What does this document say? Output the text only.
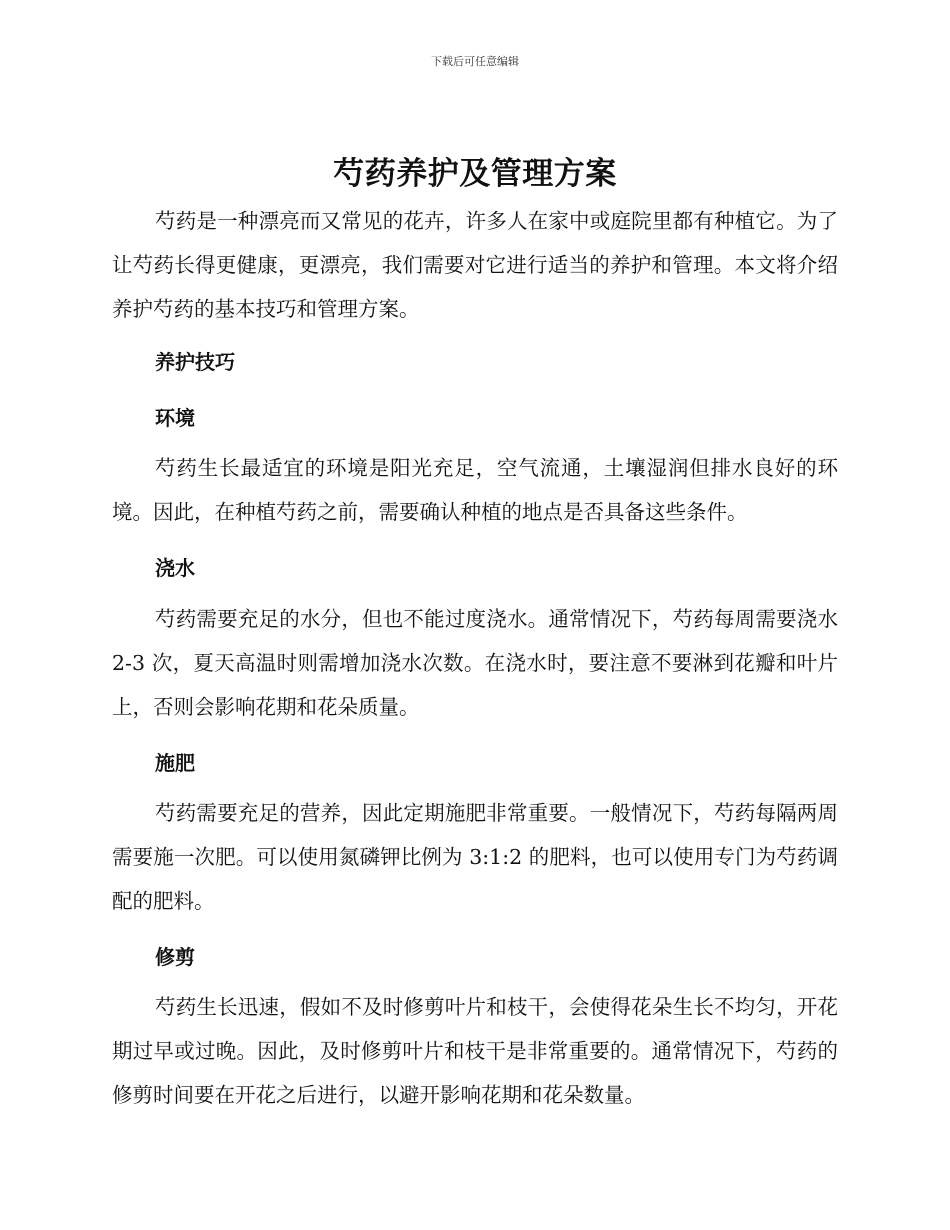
下载后可任意编辑
芍药养护及管理方案

芍药是一种漂亮而又常见的花卉，许多人在家中或庭院里都有种植它。为了让芍药长得更健康，更漂亮，我们需要对它进行适当的养护和管理。本文将介绍养护芍药的基本技巧和管理方案。

养护技巧
环境

芍药生长最适宜的环境是阳光充足，空气流通，土壤湿润但排水良好的环境。因此，在种植芍药之前，需要确认种植的地点是否具备这些条件。

浇水

芍药需要充足的水分，但也不能过度浇水。通常情况下，芍药每周需要浇水 2-3 次，夏天高温时则需增加浇水次数。在浇水时，要注意不要淋到花瓣和叶片上，否则会影响花期和花朵质量。

施肥

芍药需要充足的营养，因此定期施肥非常重要。一般情况下，芍药每隔两周需要施一次肥。可以使用氮磷钾比例为 3:1:2 的肥料，也可以使用专门为芍药调配的肥料。

修剪

芍药生长迅速，假如不及时修剪叶片和枝干，会使得花朵生长不均匀，开花期过早或过晚。因此，及时修剪叶片和枝干是非常重要的。通常情况下，芍药的修剪时间要在开花之后进行，以避开影响花期和花朵数量。
